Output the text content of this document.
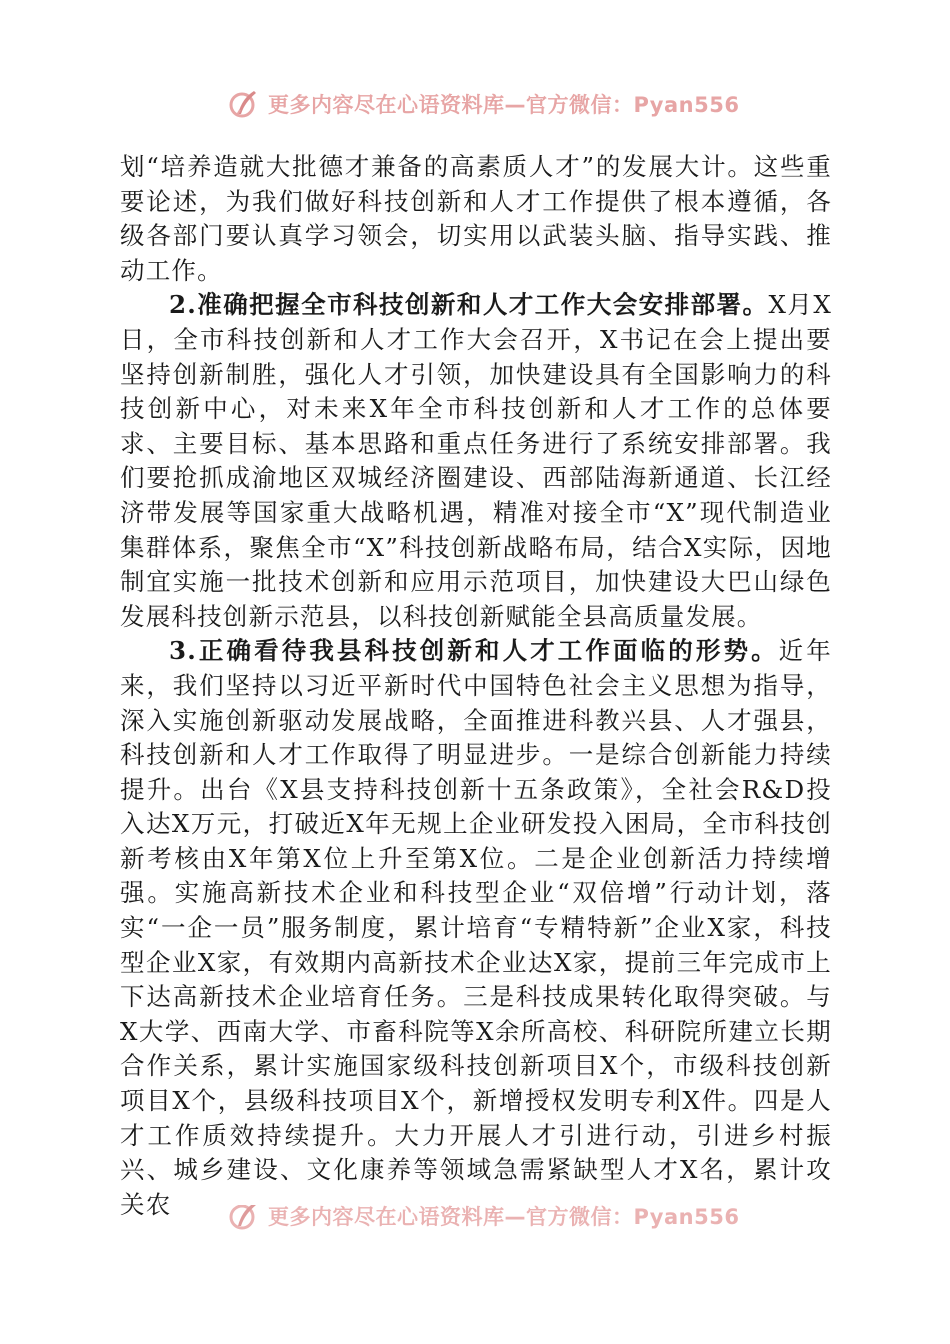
更多内容尽在心语资料库—官方微信：Pyan556

划“培养造就大批德才兼备的高素质人才”的发展大计。这些重要论述，为我们做好科技创新和人才工作提供了根本遵循，各级各部门要认真学习领会，切实用以武装头脑、指导实践、推动工作。

2.准确把握全市科技创新和人才工作大会安排部署。X月X日，全市科技创新和人才工作大会召开，X书记在会上提出要坚持创新制胜，强化人才引领，加快建设具有全国影响力的科技创新中心，对未来X年全市科技创新和人才工作的总体要求、主要目标、基本思路和重点任务进行了系统安排部署。我们要抢抓成渝地区双城经济圈建设、西部陆海新通道、长江经济带发展等国家重大战略机遇，精准对接全市“X”现代制造业集群体系，聚焦全市“X”科技创新战略布局，结合X实际，因地制宜实施一批技术创新和应用示范项目，加快建设大巴山绿色发展科技创新示范县，以科技创新赋能全县高质量发展。

3.正确看待我县科技创新和人才工作面临的形势。近年来，我们坚持以习近平新时代中国特色社会主义思想为指导，深入实施创新驱动发展战略，全面推进科教兴县、人才强县，科技创新和人才工作取得了明显进步。一是综合创新能力持续提升。出台《X县支持科技创新十五条政策》，全社会R&D投入达X万元，打破近X年无规上企业研发投入困局，全市科技创新考核由X年第X位上升至第X位。二是企业创新活力持续增强。实施高新技术企业和科技型企业“双倍增”行动计划，落实“一企一员”服务制度，累计培育“专精特新”企业X家，科技型企业X家，有效期内高新技术企业达X家，提前三年完成市上下达高新技术企业培育任务。三是科技成果转化取得突破。与X大学、西南大学、市畜科院等X余所高校、科研院所建立长期合作关系，累计实施国家级科技创新项目X个，市级科技创新项目X个，县级科技项目X个，新增授权发明专利X件。四是人才工作质效持续提升。大力开展人才引进行动，引进乡村振兴、城乡建设、文化康养等领域急需紧缺型人才X名，累计攻关农	更多内容尽在心语资料库—官方微信：Pyan556
